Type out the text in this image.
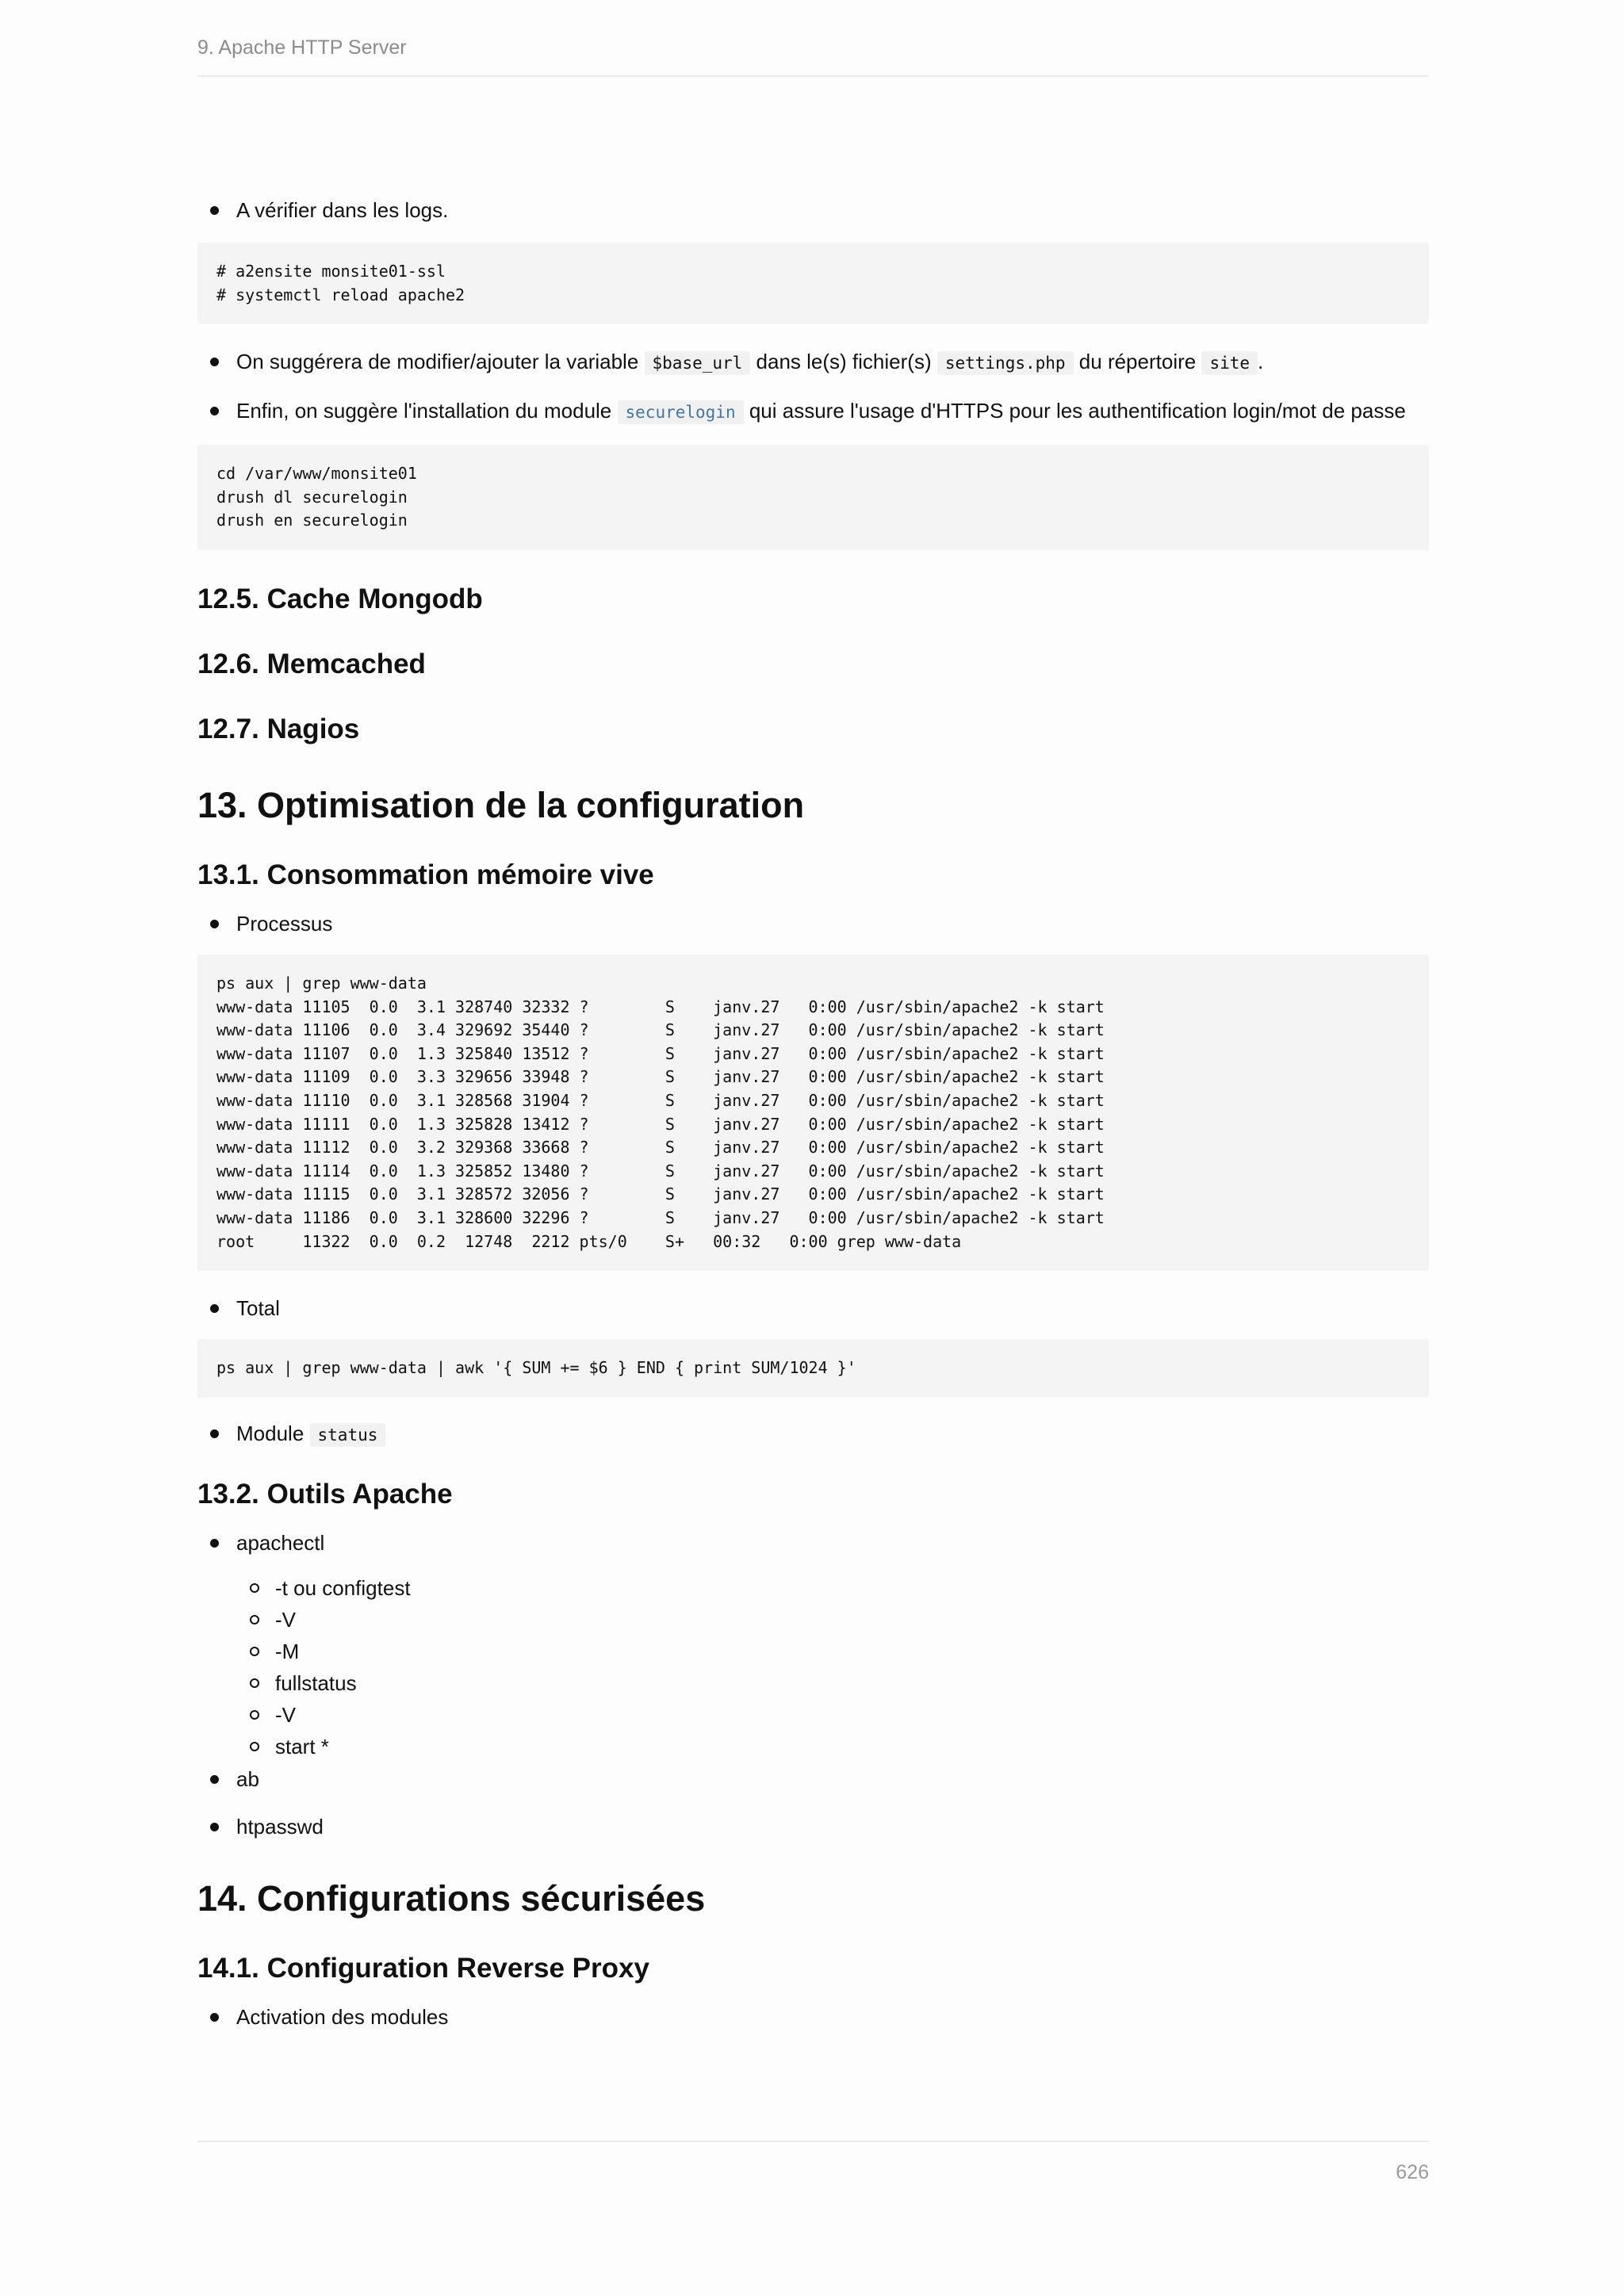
9. Apache HTTP Server
A vérifier dans les logs.
# a2ensite monsite01-ssl
# systemctl reload apache2
On suggérera de modifier/ajouter la variable $base_url dans le(s) fichier(s) settings.php du répertoire site .
Enfin, on suggère l'installation du module securelogin qui assure l'usage d'HTTPS pour les authentification login/mot de passe
cd /var/www/monsite01
drush dl securelogin
drush en securelogin
12.5. Cache Mongodb
12.6. Memcached
12.7. Nagios
13. Optimisation de la configuration
13.1. Consommation mémoire vive
Processus
ps aux | grep www-data
www-data 11105  0.0  3.1 328740 32332 ?        S    janv.27   0:00 /usr/sbin/apache2 -k start
www-data 11106  0.0  3.4 329692 35440 ?        S    janv.27   0:00 /usr/sbin/apache2 -k start
www-data 11107  0.0  1.3 325840 13512 ?        S    janv.27   0:00 /usr/sbin/apache2 -k start
www-data 11109  0.0  3.3 329656 33948 ?        S    janv.27   0:00 /usr/sbin/apache2 -k start
www-data 11110  0.0  3.1 328568 31904 ?        S    janv.27   0:00 /usr/sbin/apache2 -k start
www-data 11111  0.0  1.3 325828 13412 ?        S    janv.27   0:00 /usr/sbin/apache2 -k start
www-data 11112  0.0  3.2 329368 33668 ?        S    janv.27   0:00 /usr/sbin/apache2 -k start
www-data 11114  0.0  1.3 325852 13480 ?        S    janv.27   0:00 /usr/sbin/apache2 -k start
www-data 11115  0.0  3.1 328572 32056 ?        S    janv.27   0:00 /usr/sbin/apache2 -k start
www-data 11186  0.0  3.1 328600 32296 ?        S    janv.27   0:00 /usr/sbin/apache2 -k start
root     11322  0.0  0.2  12748  2212 pts/0    S+   00:32   0:00 grep www-data
Total
ps aux | grep www-data | awk '{ SUM += $6 } END { print SUM/1024 }'
Module status
13.2. Outils Apache
apachectl
-t ou configtest
-V
-M
fullstatus
-V
start *
ab
htpasswd
14. Configurations sécurisées
14.1. Configuration Reverse Proxy
Activation des modules
626
